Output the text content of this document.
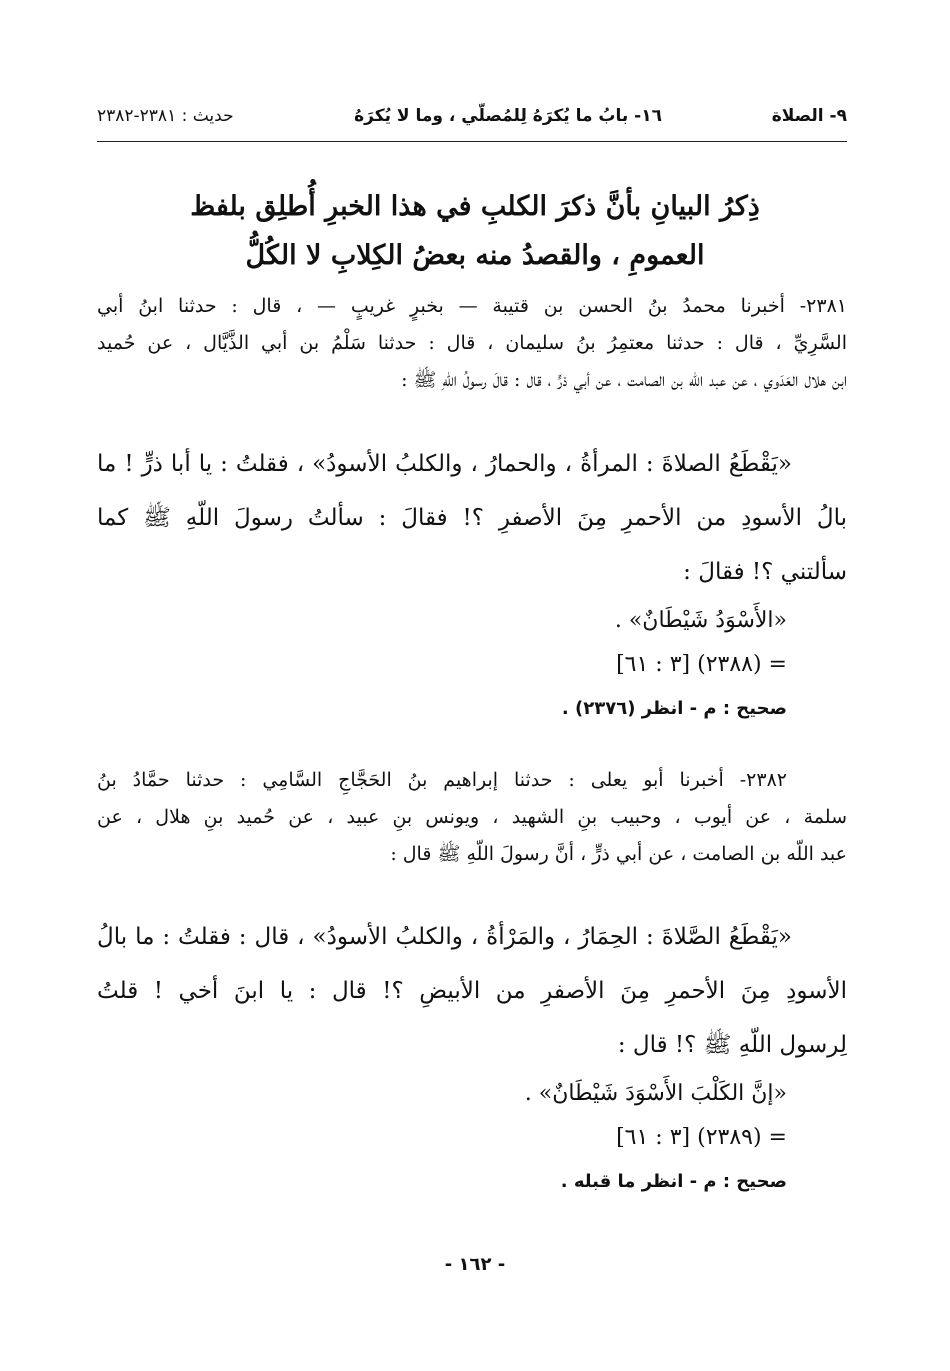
٩- الصلاة
١٦- بابُ ما يُكرَهُ لِلمُصلّي ، وما لا يُكرَهُ
حديث : ٢٣٨١-٢٣٨٢
ذِكرُ البيانِ بأنَّ ذكرَ الكلبِ في هذا الخبرِ أُطلِق بلفظ
العمومِ ، والقصدُ منه بعضُ الكِلابِ لا الكُلُّ
٢٣٨١- أخبرنا محمدُ بنُ الحسن بن قتيبة — بخبرٍ غريبٍ — ، قال : حدثنا ابنُ أبي
السَّرِيِّ ، قال : حدثنا معتمِرُ بنُ سليمان ، قال : حدثنا سَلْمُ بن أبي الذَّيَّال ، عن حُميد
ابن هلال العَدَوي ، عن عبد اللّه بن الصامت ، عن أبي ذرٍّ ، قال : قالَ رسولُ اللّهِ ﷺ :
«يَقْطَعُ الصلاةَ : المرأةُ ، والحمارُ ، والكلبُ الأسودُ» ، فقلتُ : يا أبا ذرٍّ ! ما
بالُ الأسودِ من الأحمرِ مِنَ الأصفرِ ؟! فقالَ : سألتُ رسولَ اللّهِ ﷺ كما
سألتني ؟! فقالَ :
«الأَسْوَدُ شَيْطَانٌ» .
= (٢٣٨٨) [٣ : ٦١]
صحيح : م - انظر (٢٣٧٦) .
٢٣٨٢- أخبرنا أبو يعلى : حدثنا إبراهيم بنُ الحَجَّاجِ السَّامِي : حدثنا حمَّادُ بنُ
سلمة ، عن أيوب ، وحبيب بنِ الشهيد ، ويونس بنِ عبيد ، عن حُميد بنِ هلال ، عن
عبد اللّه بن الصامت ، عن أبي ذرٍّ ، أنَّ رسولَ اللّهِ ﷺ قال :
«يَقْطَعُ الصَّلاةَ : الحِمَارُ ، والمَرْأةُ ، والكلبُ الأسودُ» ، قال : فقلتُ : ما بالُ
الأسودِ مِنَ الأحمرِ مِنَ الأصفرِ من الأبيضِ ؟! قال : يا ابنَ أخي ! قلتُ
لِرسول اللّهِ ﷺ ؟! قال :
«إنَّ الكَلْبَ الأَسْوَدَ شَيْطَانٌ» .
= (٢٣٨٩) [٣ : ٦١]
صحيح : م - انظر ما قبله .
- ١٦٢ -
